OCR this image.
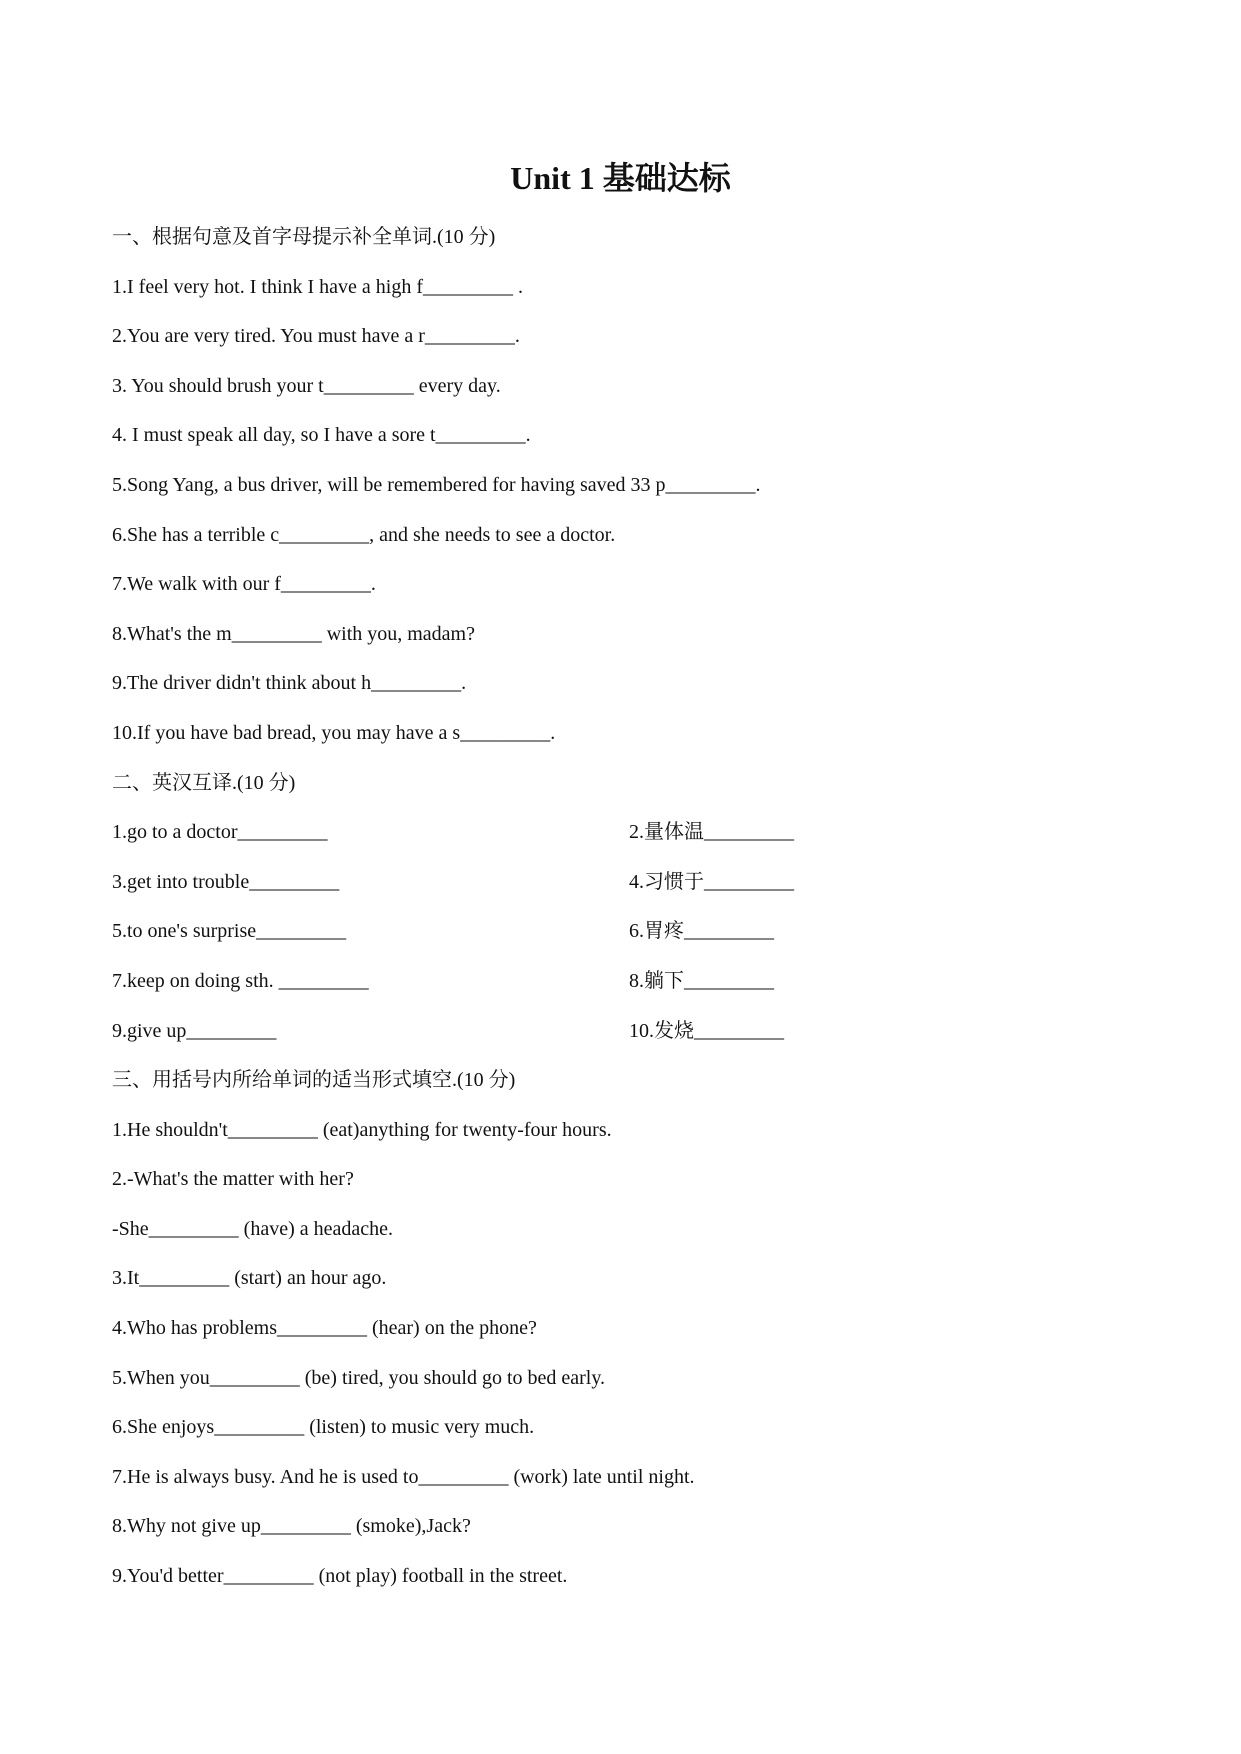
Unit 1 基础达标
一、根据句意及首字母提示补全单词.(10 分)
1.I feel very hot. I think I have a high f_________ .
2.You are very tired. You must have a r_________.
3. You should brush your t_________ every day.
4. I must speak all day, so I have a sore t_________.
5.Song Yang, a bus driver, will be remembered for having saved 33 p_________.
6.She has a terrible c_________, and she needs to see a doctor.
7.We walk with our f_________.
8.What's the m_________ with you, madam?
9.The driver didn't think about h_________.
10.If you have bad bread, you may have a s_________.
二、英汉互译.(10 分)
1.go to a doctor_________	2.量体温_________
3.get into trouble_________	4.习惯于_________
5.to one's surprise_________	6.胃疼_________
7.keep on doing sth. _________	8.躺下_________
9.give up_________	10.发烧_________
三、用括号内所给单词的适当形式填空.(10 分)
1.He shouldn't_________ (eat)anything for twenty-four hours.
2.-What's the matter with her?
-She_________ (have) a headache.
3.It_________ (start) an hour ago.
4.Who has problems_________ (hear) on the phone?
5.When you_________ (be) tired, you should go to bed early.
6.She enjoys_________ (listen) to music very much.
7.He is always busy. And he is used to_________ (work) late until night.
8.Why not give up_________ (smoke),Jack?
9.You'd better_________ (not play) football in the street.
